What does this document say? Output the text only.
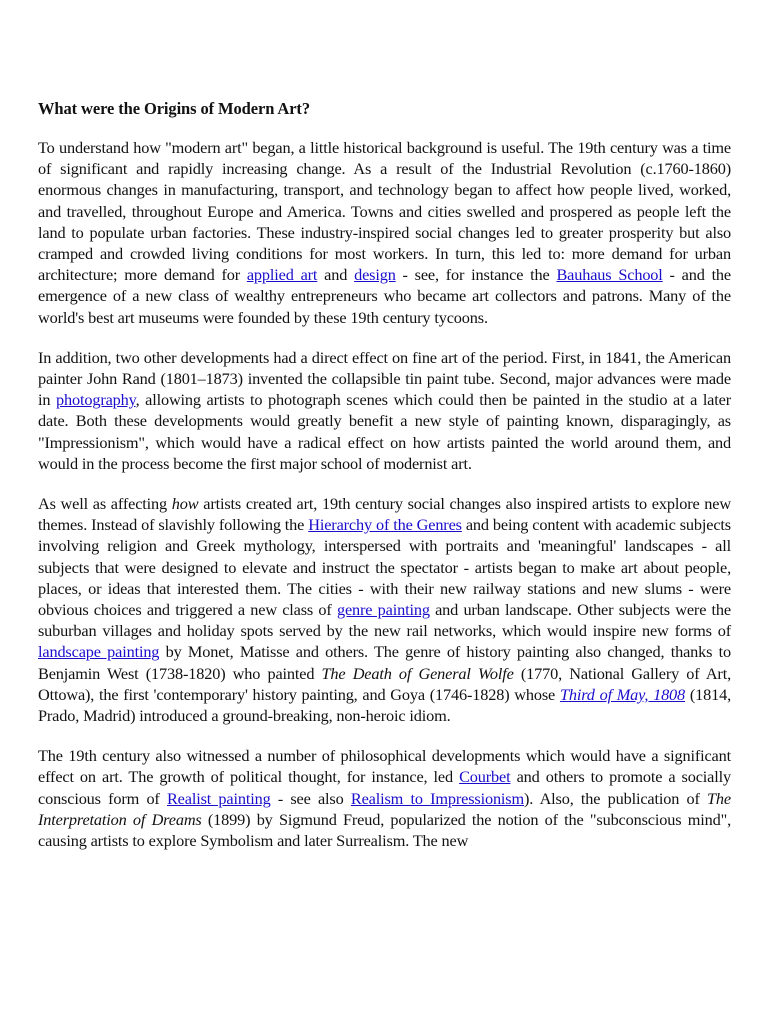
What were the Origins of Modern Art?

To understand how "modern art" began, a little historical background is useful. The 19th century was a time of significant and rapidly increasing change. As a result of the Industrial Revolution (c.1760-1860) enormous changes in manufacturing, transport, and technology began to affect how people lived, worked, and travelled, throughout Europe and America. Towns and cities swelled and prospered as people left the land to populate urban factories. These industry-inspired social changes led to greater prosperity but also cramped and crowded living conditions for most workers. In turn, this led to: more demand for urban architecture; more demand for applied art and design - see, for instance the Bauhaus School - and the emergence of a new class of wealthy entrepreneurs who became art collectors and patrons. Many of the world's best art museums were founded by these 19th century tycoons.

In addition, two other developments had a direct effect on fine art of the period. First, in 1841, the American painter John Rand (1801–1873) invented the collapsible tin paint tube. Second, major advances were made in photography, allowing artists to photograph scenes which could then be painted in the studio at a later date. Both these developments would greatly benefit a new style of painting known, disparagingly, as "Impressionism", which would have a radical effect on how artists painted the world around them, and would in the process become the first major school of modernist art.

As well as affecting how artists created art, 19th century social changes also inspired artists to explore new themes. Instead of slavishly following the Hierarchy of the Genres and being content with academic subjects involving religion and Greek mythology, interspersed with portraits and 'meaningful' landscapes - all subjects that were designed to elevate and instruct the spectator - artists began to make art about people, places, or ideas that interested them. The cities - with their new railway stations and new slums - were obvious choices and triggered a new class of genre painting and urban landscape. Other subjects were the suburban villages and holiday spots served by the new rail networks, which would inspire new forms of landscape painting by Monet, Matisse and others. The genre of history painting also changed, thanks to Benjamin West (1738-1820) who painted The Death of General Wolfe (1770, National Gallery of Art, Ottowa), the first 'contemporary' history painting, and Goya (1746-1828) whose Third of May, 1808 (1814, Prado, Madrid) introduced a ground-breaking, non-heroic idiom.

The 19th century also witnessed a number of philosophical developments which would have a significant effect on art. The growth of political thought, for instance, led Courbet and others to promote a socially conscious form of Realist painting - see also Realism to Impressionism). Also, the publication of The Interpretation of Dreams (1899) by Sigmund Freud, popularized the notion of the "subconscious mind", causing artists to explore Symbolism and later Surrealism. The new
